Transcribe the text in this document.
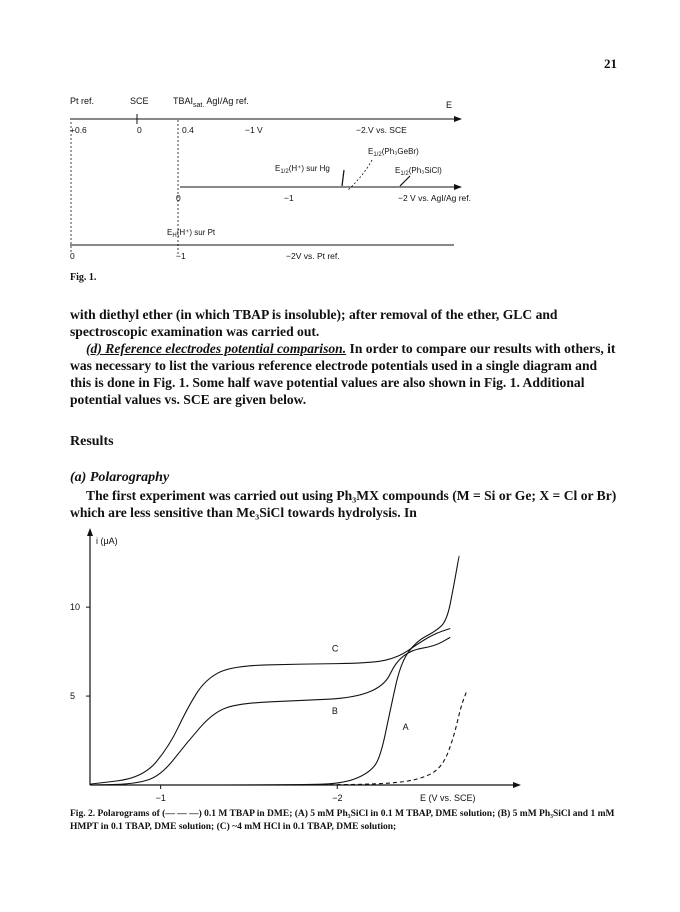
21
Pt ref.	SCE	$TBAI_{sat.}$ AgI/Ag ref.	E
+0.6	0	0.4	−1 V	−2.V vs. SCE
$E_{1/2}(Ph_3GeBr)$
$E_{1/2}(H^+)$ sur Hg	$E_{1/2}(Ph_3SiCl)$
0	−1	−2 V vs. AgI/Ag ref.
$E_H(H^+)$ sur Pt
0	−1	−2V vs. Pt ref.
Fig. 1.
with diethyl ether (in which TBAP is insoluble); after removal of the ether, GLC and spectroscopic examination was carried out.
(d) Reference electrodes potential comparison. In order to compare our results with others, it was necessary to list the various reference electrode potentials used in a single diagram and this is done in Fig. 1. Some half wave potential values are also shown in Fig. 1. Additional potential values vs. SCE are given below.
Results
(a) Polarography
The first experiment was carried out using Ph₃MX compounds (M = Si or Ge; X = Cl or Br) which are less sensitive than Me₃SiCl towards hydrolysis. In
i (μA)
E (V vs. SCE)
−1	−2
5
10
C
B
A
Fig. 2. Polarograms of (— — —) 0.1 M TBAP in DME; (A) 5 mM Ph₃SiCl in 0.1 M TBAP, DME solution; (B) 5 mM Ph₃SiCl and 1 mM HMPT in 0.1 TBAP, DME solution; (C) ~4 mM HCl in 0.1 TBAP, DME solution;
